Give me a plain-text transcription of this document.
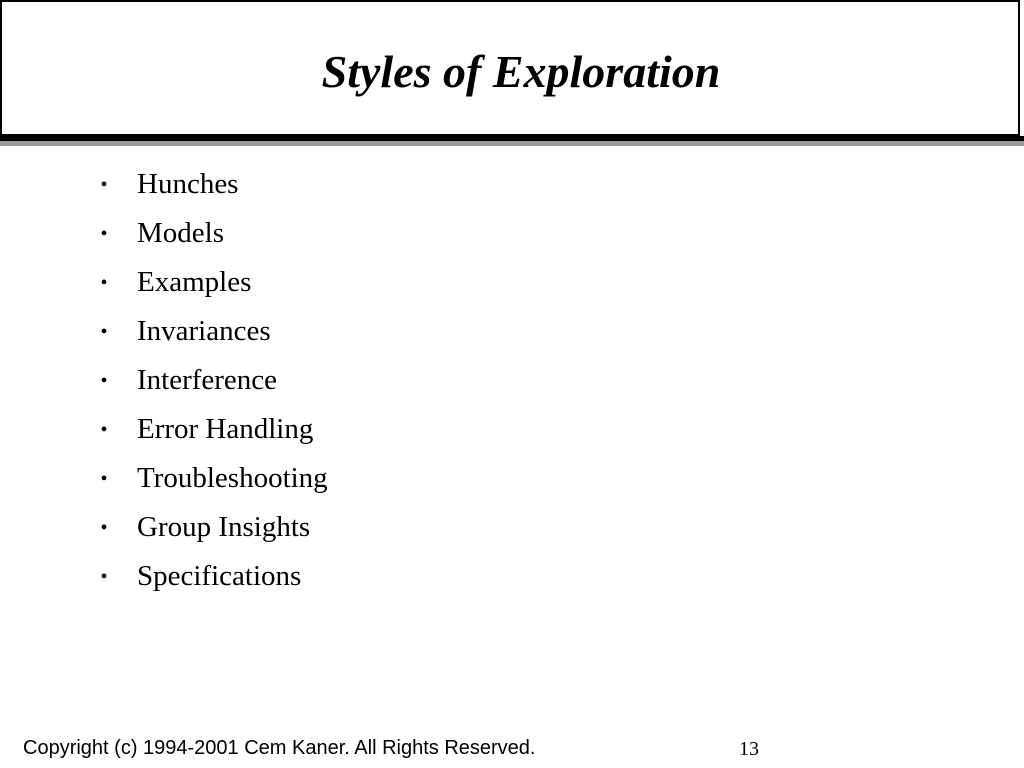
Styles of Exploration
• Hunches
• Models
• Examples
• Invariances
• Interference
• Error Handling
• Troubleshooting
• Group Insights
• Specifications
Copyright (c) 1994-2001 Cem Kaner. All Rights Reserved.	13
